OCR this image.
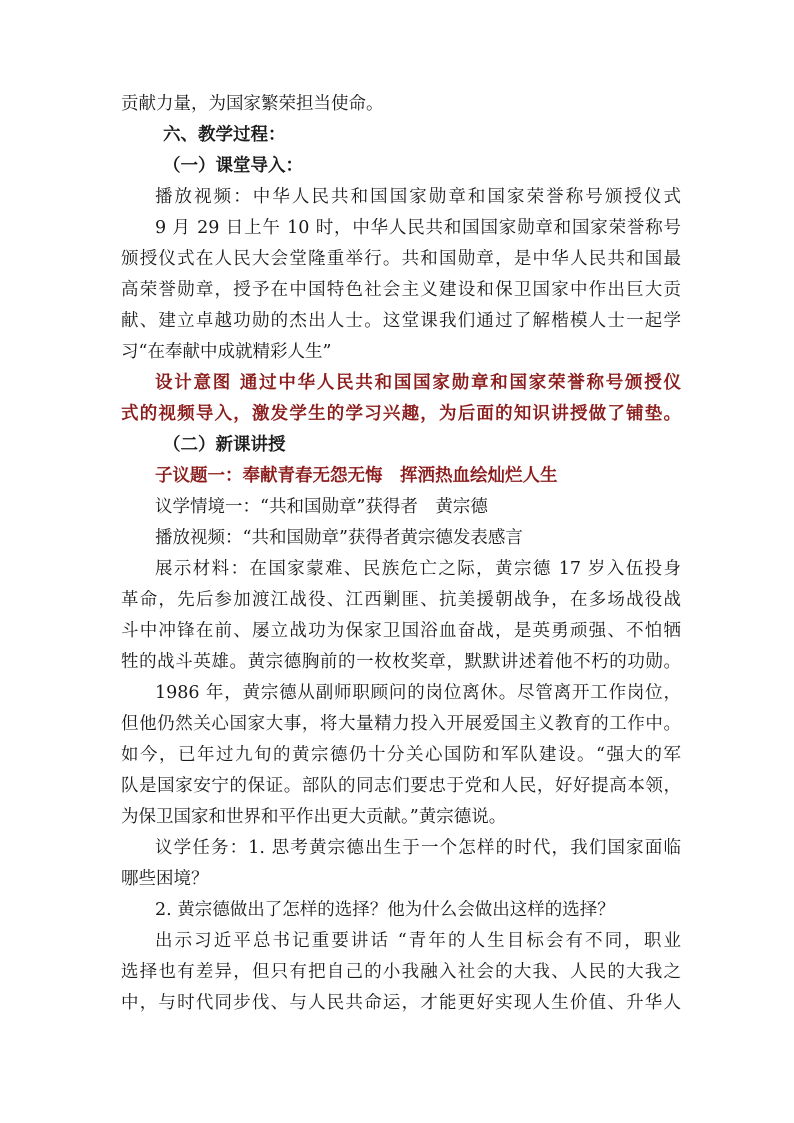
贡献力量，为国家繁荣担当使命。
六、教学过程：
（一）课堂导入：
播放视频：中华人民共和国国家勋章和国家荣誉称号颁授仪式
9 月 29 日上午 10 时，中华人民共和国国家勋章和国家荣誉称号
颁授仪式在人民大会堂隆重举行。共和国勋章，是中华人民共和国最
高荣誉勋章，授予在中国特色社会主义建设和保卫国家中作出巨大贡
献、建立卓越功勋的杰出人士。这堂课我们通过了解楷模人士一起学
习“在奉献中成就精彩人生”
设计意图 通过中华人民共和国国家勋章和国家荣誉称号颁授仪
式的视频导入，激发学生的学习兴趣，为后面的知识讲授做了铺垫。
（二）新课讲授
子议题一：奉献青春无怨无悔　挥洒热血绘灿烂人生
议学情境一：“共和国勋章”获得者　黄宗德
播放视频：“共和国勋章”获得者黄宗德发表感言
展示材料：在国家蒙难、民族危亡之际，黄宗德 17 岁入伍投身
革命，先后参加渡江战役、江西剿匪、抗美援朝战争，在多场战役战
斗中冲锋在前、屡立战功为保家卫国浴血奋战，是英勇顽强、不怕牺
牲的战斗英雄。黄宗德胸前的一枚枚奖章，默默讲述着他不朽的功勋。
1986 年，黄宗德从副师职顾问的岗位离休。尽管离开工作岗位，
但他仍然关心国家大事，将大量精力投入开展爱国主义教育的工作中。
如今，已年过九旬的黄宗德仍十分关心国防和军队建设。“强大的军
队是国家安宁的保证。部队的同志们要忠于党和人民，好好提高本领，
为保卫国家和世界和平作出更大贡献。”黄宗德说。
议学任务：1. 思考黄宗德出生于一个怎样的时代，我们国家面临
哪些困境？
2. 黄宗德做出了怎样的选择？他为什么会做出这样的选择？
出示习近平总书记重要讲话 “青年的人生目标会有不同，职业
选择也有差异，但只有把自己的小我融入社会的大我、人民的大我之
中，与时代同步伐、与人民共命运，才能更好实现人生价值、升华人
